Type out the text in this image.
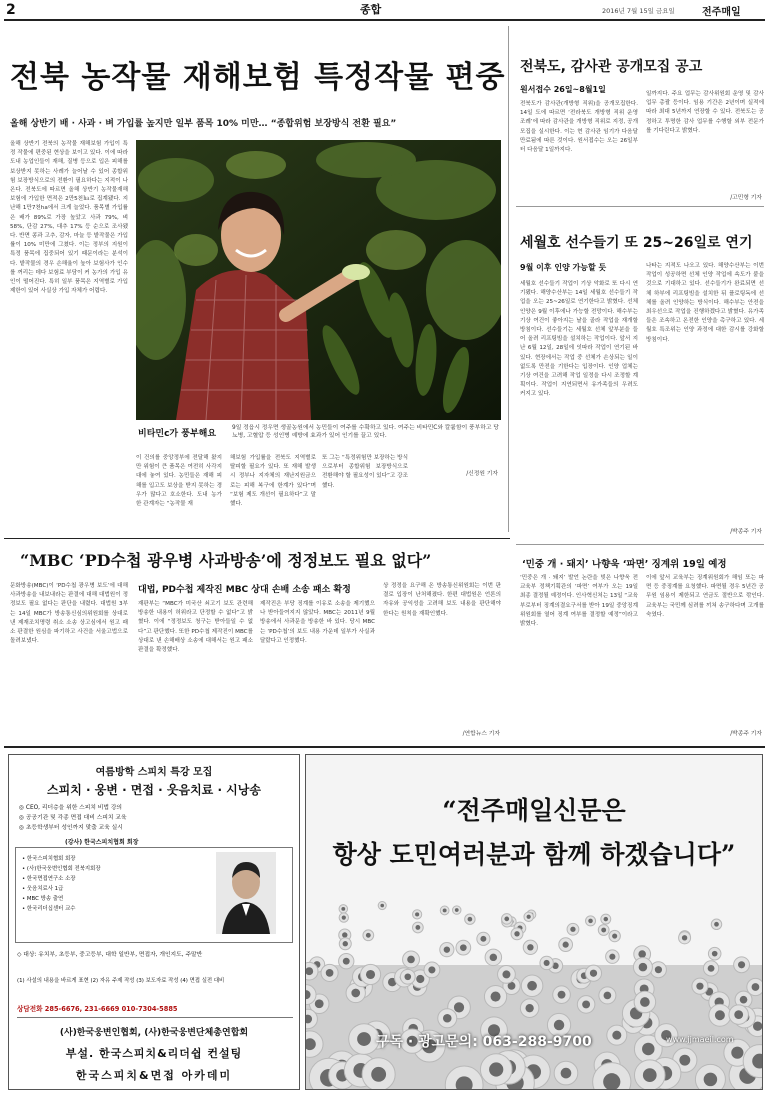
2	종합	2016년 7월 15일 금요일	전주매일
전북 농작물 재해보험 특정작물 편중
올해 상반기 배 · 사과 · 벼 가입률 높지만 일부 품목 10% 미만… “종합위험 보장방식 전환 필요”
올해 상반기 전북의 농작물 재해보험 가입이 특정 작물에 편중된 현상을 보이고 있다. 이에 따라 도내 농업인들이 재해, 질병 등으로 입은 피해를 보상받지 못하는 사례가 늘어날 수 있어 종합위험 보장방식으로의 전환이 필요하다는 지적이 나온다. 전북도에 따르면 올해 상반기 농작물재해보험에 가입한 면적은 2만5천㏊로 집계됐다. 지난해 1만7천ha에서 크게 늘었다. 품목별 가입률은 배가 89%로 가장 높았고 사과 79%, 벼 58%, 단감 27%, 대추 17% 등 순으로 조사됐다. 반면 콩과 고추, 감자, 마늘 등 밭작물은 가입률이 10% 미만에 그쳤다. 이는 정부의 지원이 특정 품목에 집중되어 있기 때문이라는 분석이다. 밭작물의 경우 손해율이 높아 보험사가 인수를 꺼리는 데다 보험료 부담이 커 농가의 가입 유인이 떨어진다. 특히 일부 품목은 지역별로 가입 제한이 있어 사실상 가입 자체가 어렵다.
비타민c가 풍부해요
9일 정읍시 정우면 생골농원에서 농민들이 여주를 수확하고 있다. 여주는 비타민C와 칼륨함이 풍부하고 당뇨병, 고혈압 등 성인병 예방에 효과가 있어 인기를 끌고 있다.
이 건의를 중앙정부에 전달해 왔지만 위험이 큰 품목은 여전히 사각지대에 놓여 있다. 농민들은 재해 피해를 입고도 보상을 받지 못하는 경우가 많다고 호소한다. 도내 농가 한 관계자는 “농작물 재
해보험 가입률을 전북도 지역별로 탈피할 필요가 있다. 또 재해 발생 시 정부나 지자체의 재난지원금으로는 피해 복구에 한계가 있다”며 “보험 제도 개선이 필요하다”고 말했다.
또 그는 “특정위험만 보장하는 방식으로부터 종합위험 보장방식으로 전환해야 할 필요성이 있다”고 강조했다.
/신정원 기자
전북도, 감사관 공개모집 공고
원서접수 26일~8월1일
전북도가 감사관(개방형 직위)을 공개모집한다. 14일 도에 따르면 ‘전라북도 개방형 직위 운영 조례’에 따라 감사관을 개방형 직위로 지정, 공개모집을 실시한다. 이는 현 감사관 임기가 다음달 만료됨에 따른 것이다. 원서접수는 오는 26일부터 다음달 1일까지다.
일까지다. 주요 업무는 감사위원회 운영 및 감사업무 총괄 등이다. 임용 기간은 2년이며 실적에 따라 최대 5년까지 연장할 수 있다. 전북도는 공정하고 투명한 감사 업무를 수행할 외부 전문가를 기다린다고 밝혔다.
/고민형 기자
세월호 선수들기 또 25~26일로 연기
9월 이후 인양 가능할 듯
세월호 선수들기 작업이 기상 악화로 또 다시 연기됐다. 해양수산부는 14일 세월호 선수들기 작업을 오는 25~26일로 연기한다고 밝혔다. 선체 인양은 9월 이후에나 가능할 전망이다. 해수부는 기상 여건이 좋아지는 날을 골라 작업을 재개할 방침이다. 선수들기는 세월호 선체 앞부분을 들어 올려 리프팅빔을 설치하는 작업이다. 앞서 지난 6월 12일, 28일에 잇따라 작업이 연기된 바 있다. 현장에서는 작업 중 선체가 손상되는 일이 없도록 만전을 기한다는 입장이다. 인양 업체는 기상 여건을 고려해 작업 일정을 다시 조정할 계획이다. 작업이 지연되면서 유가족들의 우려도 커지고 있다.
나타는 지적도 나오고 있다. 해양수산부는 이번 작업이 성공하면 선체 인양 작업에 속도가 붙을 것으로 기대하고 있다. 선수들기가 완료되면 선체 하부에 리프팅빔을 설치한 뒤 플로팅독에 선체를 올려 인양하는 방식이다. 해수부는 안전을 최우선으로 작업을 진행하겠다고 밝혔다. 유가족들은 조속하고 온전한 인양을 촉구하고 있다. 세월호 특조위는 인양 과정에 대한 감시를 강화할 방침이다.
/박종주 기자
“MBC ‘PD수첩 광우병 사과방송’에 정정보도 필요 없다”
문화방송(MBC)이 ‘PD수첩 광우병 보도’에 대해 사과방송을 내보내라는 판결에 대해 대법원이 정정보도 필요 없다는 판단을 내렸다. 대법원 3부는 14일 MBC가 방송통신심의위원회를 상대로 낸 제재조치명령 취소 소송 상고심에서 원고 패소 판결한 원심을 파기하고 사건을 서울고법으로 돌려보냈다.
대법, PD수첩 제작진 MBC 상대 손배 소송 패소 확정
재판부는 “MBC가 미국산 쇠고기 보도 관련해 방송한 내용이 허위라고 단정할 수 없다”고 밝혔다. 이에 “정정보도 청구는 받아들일 수 없다”고 판단했다. 또한 PD수첩 제작진이 MBC를 상대로 낸 손해배상 소송에 대해서는 원고 패소 판결을 확정했다.
제작진은 부당 징계를 이유로 소송을 제기했으나 받아들여지지 않았다. MBC는 2011년 9월 방송에서 사과문을 방송한 바 있다. 당시 MBC는 ‘PD수첩’의 보도 내용 가운데 일부가 사실과 달랐다고 인정했다.
상 정정을 요구해 온 방송통신위원회는 이번 판결로 입장이 난처해졌다. 한편 대법원은 언론의 자유와 공익성을 고려해 보도 내용을 판단해야 한다는 원칙을 재확인했다.
/연합뉴스 기자
‘민중 개 · 돼지’ 나향욱 ‘파면’ 징계위 19일 예정
‘민중은 개 · 돼지’ 발언 논란을 빚은 나향욱 전 교육부 정책기획관의 ‘파면’ 여부가 오는 19일 최종 결정될 예정이다. 인사혁신처는 13일 “교육부로부터 징계의결요구서를 받아 19일 중앙징계위원회를 열어 징계 여부를 결정할 예정”이라고 밝혔다.
이에 앞서 교육부는 징계위원회가 해임 또는 파면 등 중징계를 요청했다. 파면될 경우 5년간 공무원 임용이 제한되고 연금도 절반으로 깎인다. 교육부는 국민께 심려를 끼쳐 송구하다며 고개를 숙였다.
/박종주 기자
여름방학 스피치 특강 모집
스피치 · 웅변 · 면접 · 웃음치료 · 시낭송
◎ CEO, 리더층을 위한 스피치 비법 강의
◎ 공공기관 및 각종 면접 대비 스피치 교육
◎ 초등학생부터 성인까지 맞춤 교육 실시
(강사) 한국스피치협회 회장
• 한국스피치협회 회장
• (사)한국웅변인협회 전북지회장
• 한국면접연구소 소장
• 웃음치료사 1급
• MBC 방송 출연
• 한국리더십센터 교수
◇ 대상: 유치부, 초등부, 중고등부, 대학 일반부, 면접자, 개인지도, 주말반
(1) 사설의 내용을 바르게 표현 (2) 자유 주제 작성 (3) 보도자료 작성 (4) 면접 실전 대비
상담전화 285-6676, 231-6669 010-7304-5885
(사)한국웅변인협회, (사)한국웅변단체총연합회
부설. 한국스피치&리더쉽 컨설팅
한국스피치&면접 아카데미
“전주매일신문은
항상 도민여러분과 함께 하겠습니다”
구독 · 광고문의: 063-288-9700	www.jjmaeil.com
